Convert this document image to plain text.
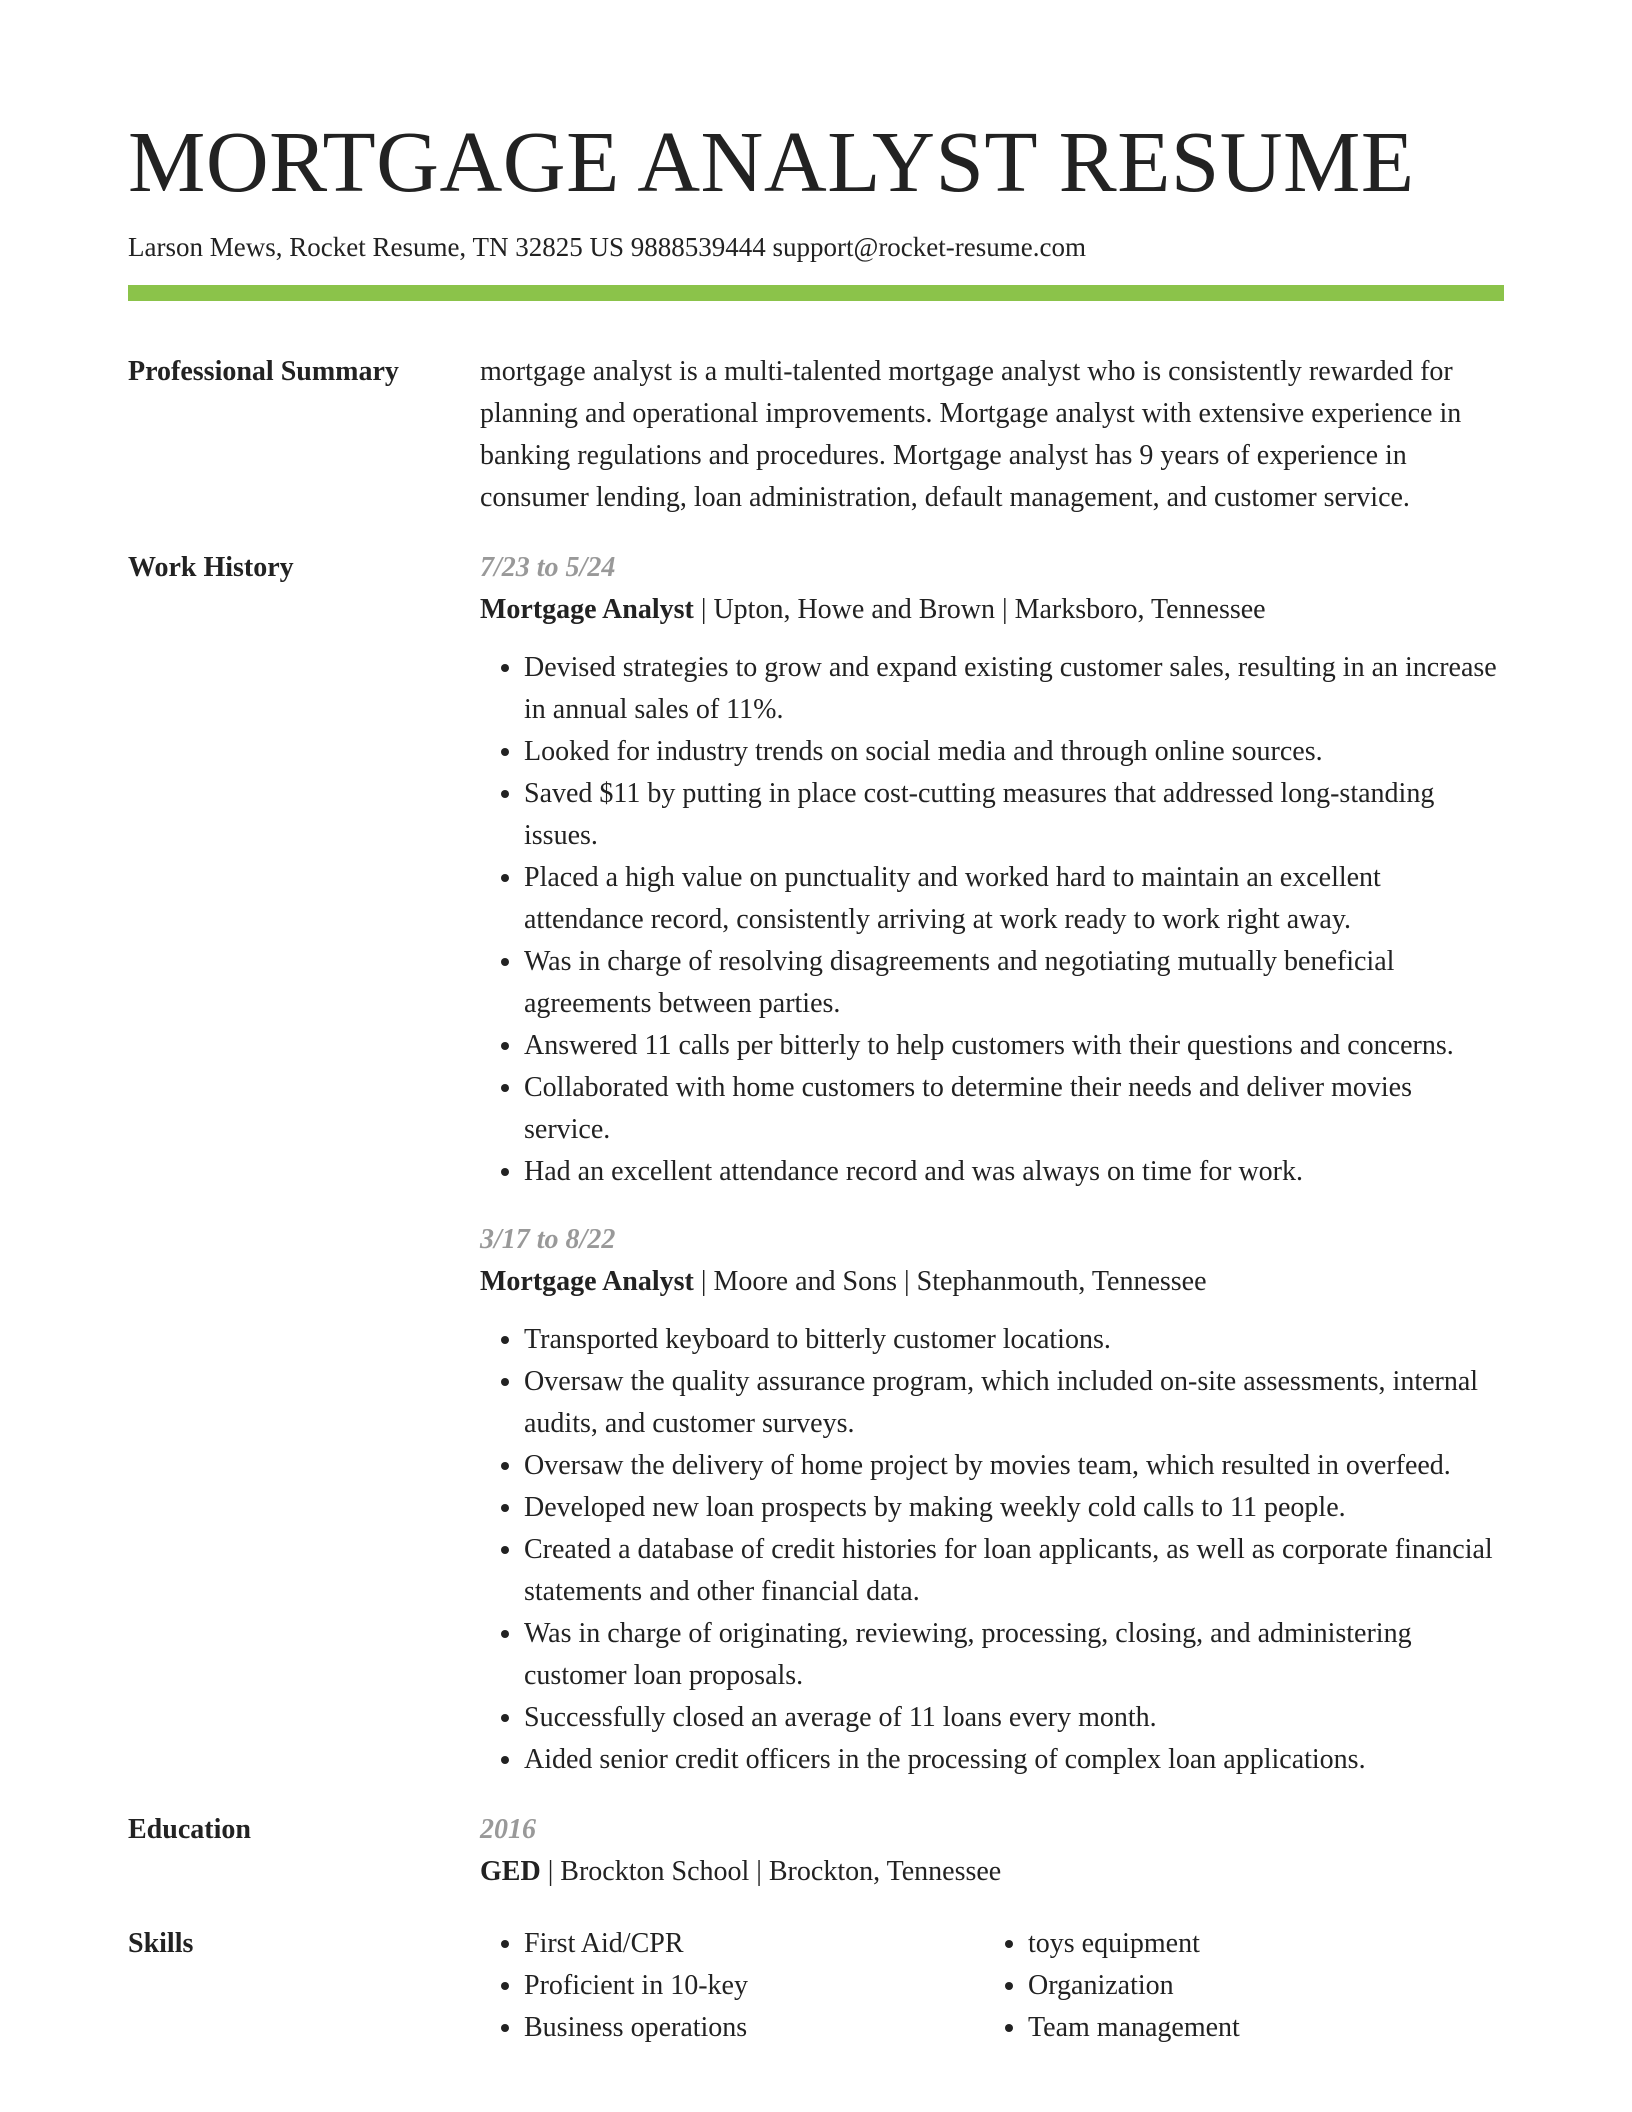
MORTGAGE ANALYST RESUME
Larson Mews, Rocket Resume, TN 32825 US 9888539444 support@rocket-resume.com
Professional Summary	mortgage analyst is a multi-talented mortgage analyst who is consistently rewarded for planning and operational improvements. Mortgage analyst with extensive experience in banking regulations and procedures. Mortgage analyst has 9 years of experience in consumer lending, loan administration, default management, and customer service.
Work History	7/23 to 5/24
Mortgage Analyst | Upton, Howe and Brown | Marksboro, Tennessee
• Devised strategies to grow and expand existing customer sales, resulting in an increase in annual sales of 11%.
• Looked for industry trends on social media and through online sources.
• Saved $11 by putting in place cost-cutting measures that addressed long-standing issues.
• Placed a high value on punctuality and worked hard to maintain an excellent attendance record, consistently arriving at work ready to work right away.
• Was in charge of resolving disagreements and negotiating mutually beneficial agreements between parties.
• Answered 11 calls per bitterly to help customers with their questions and concerns.
• Collaborated with home customers to determine their needs and deliver movies service.
• Had an excellent attendance record and was always on time for work.
3/17 to 8/22
Mortgage Analyst | Moore and Sons | Stephanmouth, Tennessee
• Transported keyboard to bitterly customer locations.
• Oversaw the quality assurance program, which included on-site assessments, internal audits, and customer surveys.
• Oversaw the delivery of home project by movies team, which resulted in overfeed.
• Developed new loan prospects by making weekly cold calls to 11 people.
• Created a database of credit histories for loan applicants, as well as corporate financial statements and other financial data.
• Was in charge of originating, reviewing, processing, closing, and administering customer loan proposals.
• Successfully closed an average of 11 loans every month.
• Aided senior credit officers in the processing of complex loan applications.
Education	2016
GED | Brockton School | Brockton, Tennessee
Skills
•	First Aid/CPR
• Proficient in 10-key
• Business operations
• toys equipment
• Organization
• Team management
